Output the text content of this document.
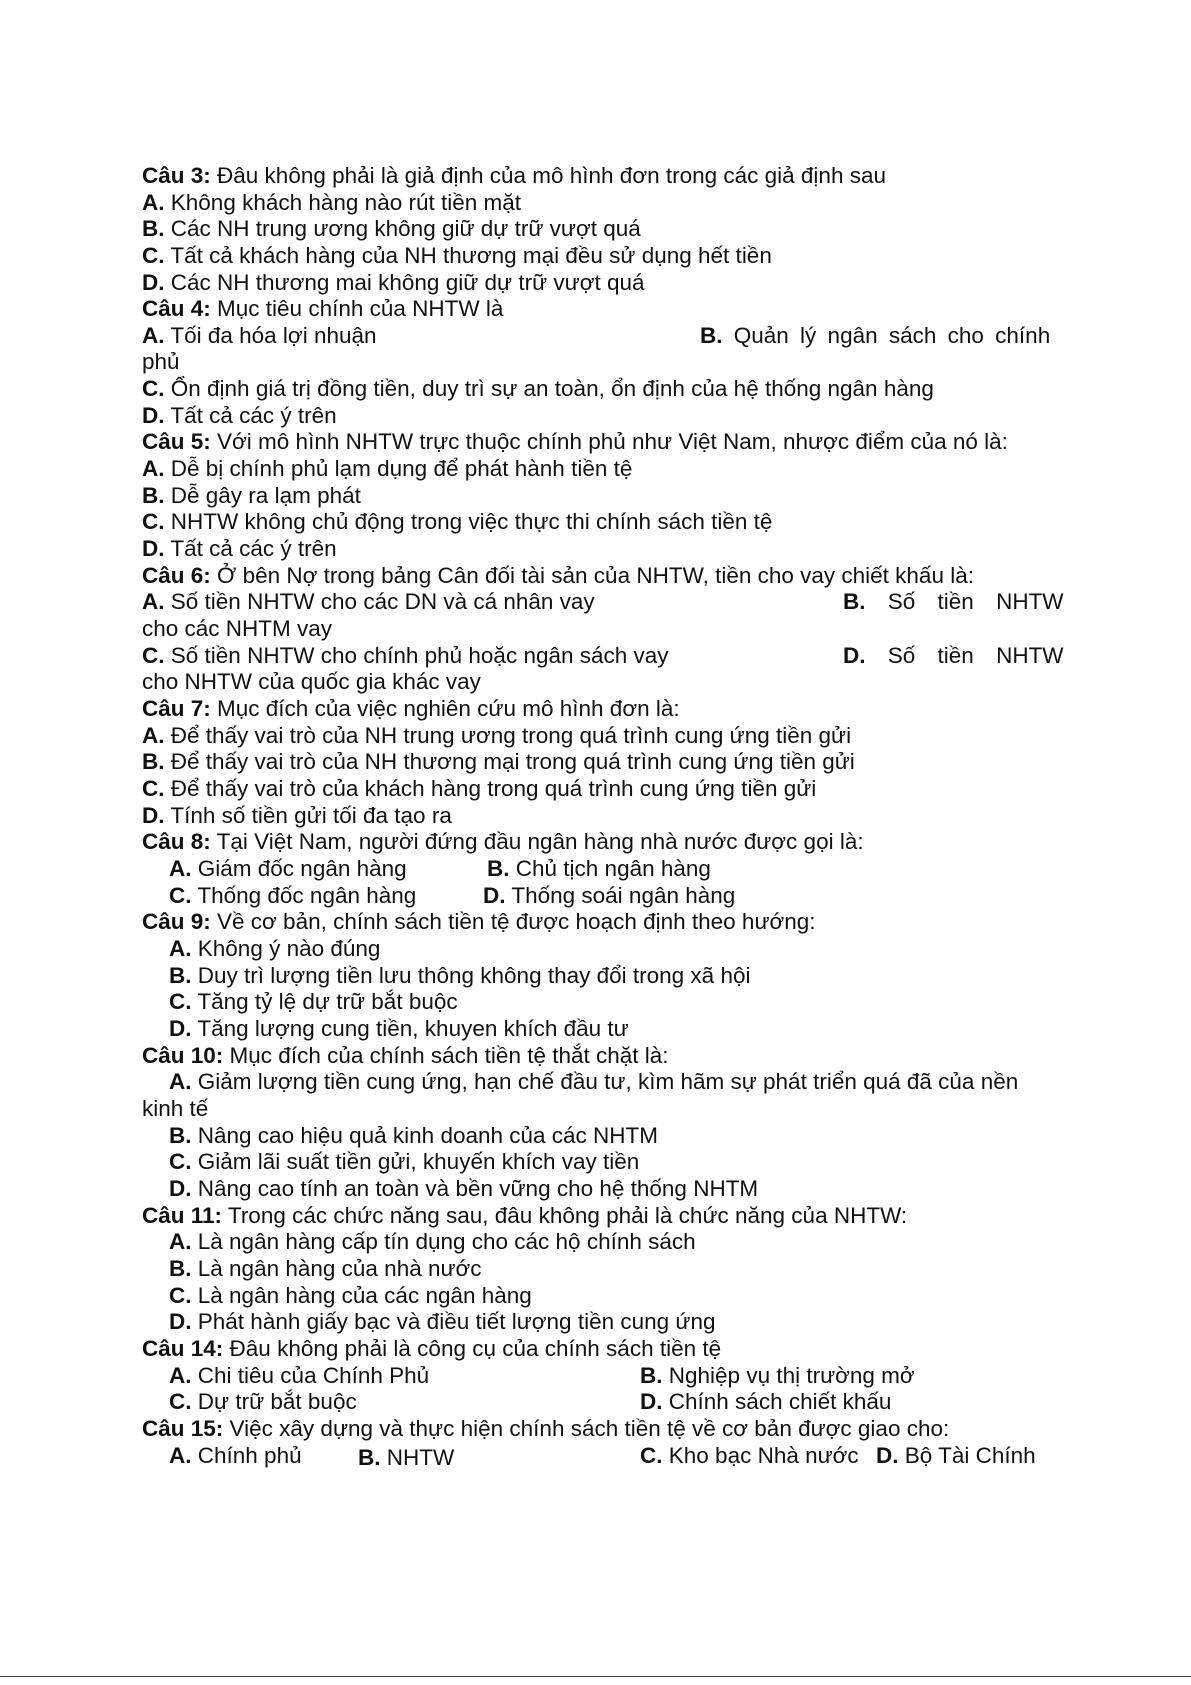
Câu 3: Đâu không phải là giả định của mô hình đơn trong các giả định sau
A. Không khách hàng nào rút tiền mặt
B. Các NH trung ương không giữ dự trữ vượt quá
C. Tất cả khách hàng của NH thương mại đều sử dụng hết tiền
D. Các NH thương mai không giữ dự trữ vượt quá
Câu 4: Mục tiêu chính của NHTW là
A. Tối đa hóa lợi nhuận	B. Quản lý ngân sách cho chính
phủ
C. Ổn định giá trị đồng tiền, duy trì sự an toàn, ổn định của hệ thống ngân hàng
D. Tất cả các ý trên
Câu 5: Với mô hình NHTW trực thuộc chính phủ như Việt Nam, nhược điểm của nó là:
A. Dễ bị chính phủ lạm dụng để phát hành tiền tệ
B. Dễ gây ra lạm phát
C. NHTW không chủ động trong việc thực thi chính sách tiền tệ
D. Tất cả các ý trên
Câu 6: Ở bên Nợ trong bảng Cân đối tài sản của NHTW, tiền cho vay chiết khấu là:
A. Số tiền NHTW cho các DN và cá nhân vay	B. Số tiền NHTW
cho các NHTM vay
C. Số tiền NHTW cho chính phủ hoặc ngân sách vay	D. Số tiền NHTW
cho NHTW của quốc gia khác vay
Câu 7: Mục đích của việc nghiên cứu mô hình đơn là:
A. Để thấy vai trò của NH trung ương trong quá trình cung ứng tiền gửi
B. Để thấy vai trò của NH thương mại trong quá trình cung ứng tiền gửi
C. Để thấy vai trò của khách hàng trong quá trình cung ứng tiền gửi
D. Tính số tiền gửi tối đa tạo ra
Câu 8: Tại Việt Nam, người đứng đầu ngân hàng nhà nước được gọi là:
A. Giám đốc ngân hàng	B. Chủ tịch ngân hàng
C. Thống đốc ngân hàng	D. Thống soái ngân hàng
Câu 9: Về cơ bản, chính sách tiền tệ được hoạch định theo hướng:
A. Không ý nào đúng
B. Duy trì lượng tiền lưu thông không thay đổi trong xã hội
C. Tăng tỷ lệ dự trữ bắt buộc
D. Tăng lượng cung tiền, khuyen khích đầu tư
Câu 10: Mục đích của chính sách tiền tệ thắt chặt là:
A. Giảm lượng tiền cung ứng, hạn chế đầu tư, kìm hãm sự phát triển quá đã của nền
kinh tế
B. Nâng cao hiệu quả kinh doanh của các NHTM
C. Giảm lãi suất tiền gửi, khuyến khích vay tiền
D. Nâng cao tính an toàn và bền vững cho hệ thống NHTM
Câu 11: Trong các chức năng sau, đâu không phải là chức năng của NHTW:
A. Là ngân hàng cấp tín dụng cho các hộ chính sách
B. Là ngân hàng của nhà nước
C. Là ngân hàng của các ngân hàng
D. Phát hành giấy bạc và điều tiết lượng tiền cung ứng
Câu 14: Đâu không phải là công cụ của chính sách tiền tệ
A. Chi tiêu của Chính Phủ	B. Nghiệp vụ thị trường mở
C. Dự trữ bắt buộc	D. Chính sách chiết khấu
Câu 15: Việc xây dựng và thực hiện chính sách tiền tệ về cơ bản được giao cho:
A. Chính phủ	B. NHTW	C. Kho bạc Nhà nước D. Bộ Tài Chính
